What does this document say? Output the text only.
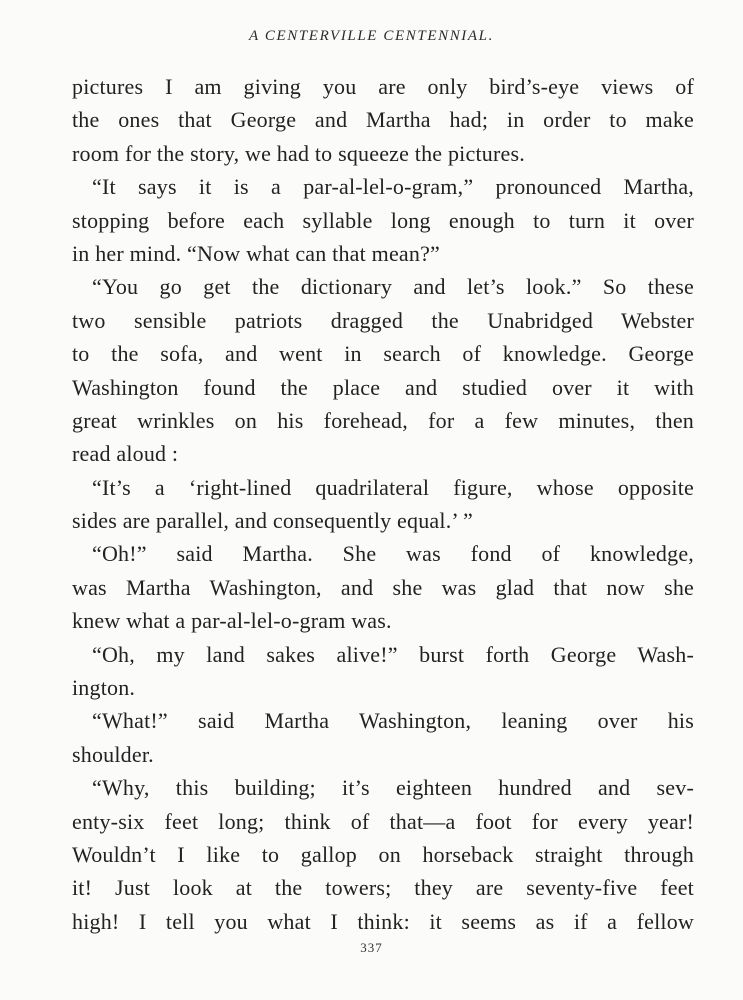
A CENTERVILLE CENTENNIAL.
pictures I am giving you are only bird’s-eye views of
the ones that George and Martha had; in order to make
room for the story, we had to squeeze the pictures.
“It says it is a par-al-lel-o-gram,” pronounced Martha,
stopping before each syllable long enough to turn it over
in her mind. “Now what can that mean?”
“You go get the dictionary and let’s look.” So these
two sensible patriots dragged the Unabridged Webster
to the sofa, and went in search of knowledge. George
Washington found the place and studied over it with
great wrinkles on his forehead, for a few minutes, then
read aloud :
“It’s a ‘right-lined quadrilateral figure, whose opposite
sides are parallel, and consequently equal.’ ”
“Oh!” said Martha. She was fond of knowledge,
was Martha Washington, and she was glad that now she
knew what a par-al-lel-o-gram was.
“Oh, my land sakes alive!” burst forth George Wash-
ington.
“What!” said Martha Washington, leaning over his
shoulder.
“Why, this building; it’s eighteen hundred and sev-
enty-six feet long; think of that—a foot for every year!
Wouldn’t I like to gallop on horseback straight through
it! Just look at the towers; they are seventy-five feet
high! I tell you what I think: it seems as if a fellow
337
